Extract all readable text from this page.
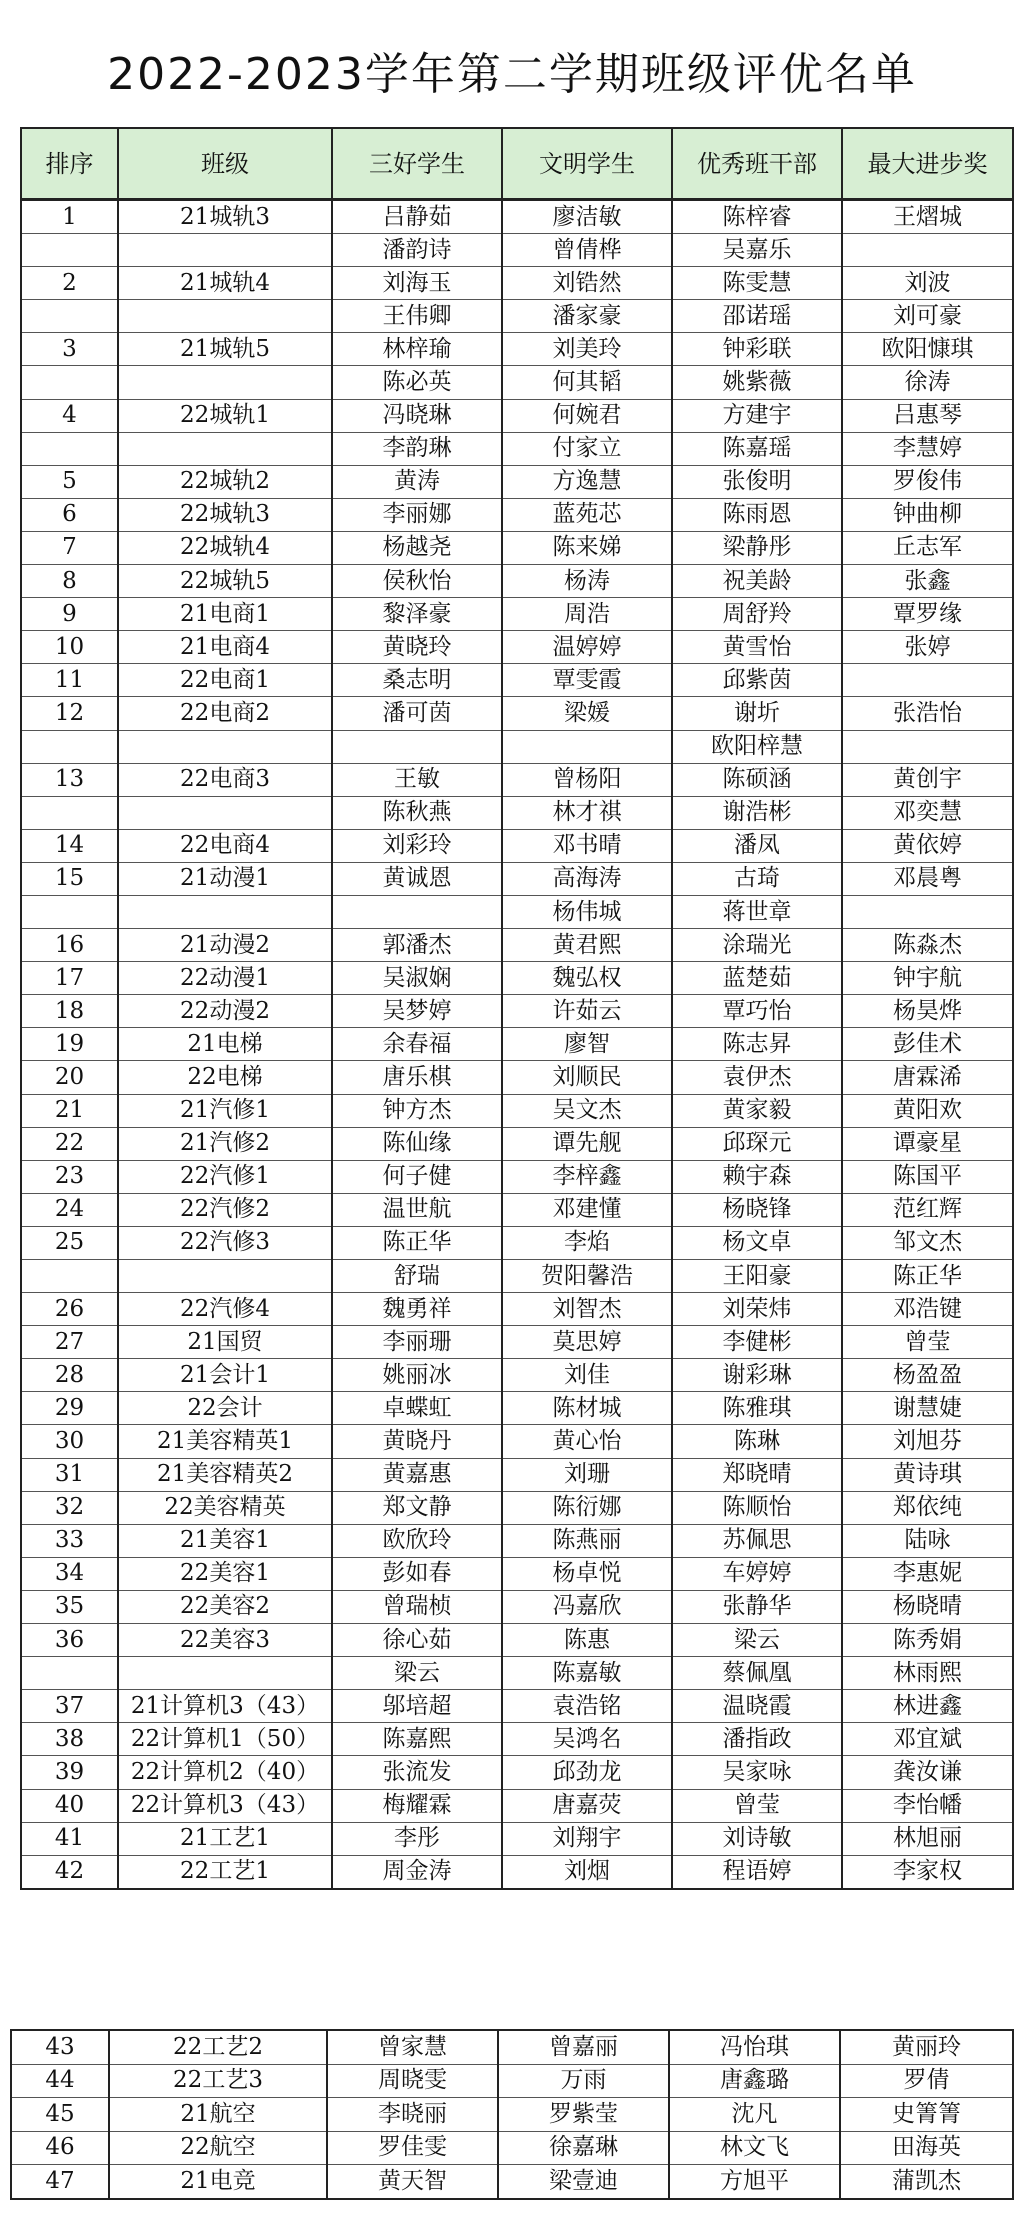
2022-2023学年第二学期班级评优名单
排序	班级	三好学生	文明学生	优秀班干部	最大进步奖
1	21城轨3	吕静茹	廖洁敏	陈梓睿	王熠城
		潘韵诗	曾倩桦	吴嘉乐	
2	21城轨4	刘海玉	刘锆然	陈雯慧	刘波
		王伟卿	潘家豪	邵诺瑶	刘可豪
3	21城轨5	林梓瑜	刘美玲	钟彩联	欧阳慷琪
		陈必英	何其韬	姚紫薇	徐涛
4	22城轨1	冯晓琳	何婉君	方建宇	吕惠琴
		李韵琳	付家立	陈嘉瑶	李慧婷
5	22城轨2	黄涛	方逸慧	张俊明	罗俊伟
6	22城轨3	李丽娜	蓝苑芯	陈雨恩	钟曲柳
7	22城轨4	杨越尧	陈来娣	梁静彤	丘志军
8	22城轨5	侯秋怡	杨涛	祝美龄	张鑫
9	21电商1	黎泽豪	周浩	周舒羚	覃罗缘
10	21电商4	黄晓玲	温婷婷	黄雪怡	张婷
11	22电商1	桑志明	覃雯霞	邱紫茵	
12	22电商2	潘可茵	梁媛	谢圻	张浩怡
				欧阳梓慧	
13	22电商3	王敏	曾杨阳	陈硕涵	黄创宇
		陈秋燕	林才祺	谢浩彬	邓奕慧
14	22电商4	刘彩玲	邓书晴	潘凤	黄依婷
15	21动漫1	黄诚恩	高海涛	古琦	邓晨粤
			杨伟城	蒋世章	
16	21动漫2	郭潘杰	黄君熙	涂瑞光	陈淼杰
17	22动漫1	吴淑娴	魏弘权	蓝楚茹	钟宇航
18	22动漫2	吴梦婷	许茹云	覃巧怡	杨昊烨
19	21电梯	余春福	廖智	陈志昇	彭佳术
20	22电梯	唐乐棋	刘顺民	袁伊杰	唐霖浠
21	21汽修1	钟方杰	吴文杰	黄家毅	黄阳欢
22	21汽修2	陈仙缘	谭先舰	邱琛元	谭豪星
23	22汽修1	何子健	李梓鑫	赖宇森	陈国平
24	22汽修2	温世航	邓建懂	杨晓锋	范红辉
25	22汽修3	陈正华	李焰	杨文卓	邹文杰
		舒瑞	贺阳馨浩	王阳豪	陈正华
26	22汽修4	魏勇祥	刘智杰	刘荣炜	邓浩键
27	21国贸	李丽珊	莫思婷	李健彬	曾莹
28	21会计1	姚丽冰	刘佳	谢彩琳	杨盈盈
29	22会计	卓蝶虹	陈材城	陈雅琪	谢慧婕
30	21美容精英1	黄晓丹	黄心怡	陈琳	刘旭芬
31	21美容精英2	黄嘉惠	刘珊	郑晓晴	黄诗琪
32	22美容精英	郑文静	陈衍娜	陈顺怡	郑依纯
33	21美容1	欧欣玲	陈燕丽	苏佩思	陆咏
34	22美容1	彭如春	杨卓悦	车婷婷	李惠妮
35	22美容2	曾瑞桢	冯嘉欣	张静华	杨晓晴
36	22美容3	徐心茹	陈惠	梁云	陈秀娟
		梁云	陈嘉敏	蔡佩凰	林雨熙
37	21计算机3（43）	邬培超	袁浩铭	温晓霞	林进鑫
38	22计算机1（50）	陈嘉熙	吴鸿名	潘指政	邓宜斌
39	22计算机2（40）	张流发	邱劲龙	吴家咏	龚汝谦
40	22计算机3（43）	梅耀霖	唐嘉荧	曾莹	李怡幡
41	21工艺1	李彤	刘翔宇	刘诗敏	林旭丽
42	22工艺1	周金涛	刘烟	程语婷	李家权
43	22工艺2	曾家慧	曾嘉丽	冯怡琪	黄丽玲
44	22工艺3	周晓雯	万雨	唐鑫璐	罗倩
45	21航空	李晓丽	罗紫莹	沈凡	史箐箐
46	22航空	罗佳雯	徐嘉琳	林文飞	田海英
47	21电竞	黄天智	梁壹迪	方旭平	蒲凯杰
